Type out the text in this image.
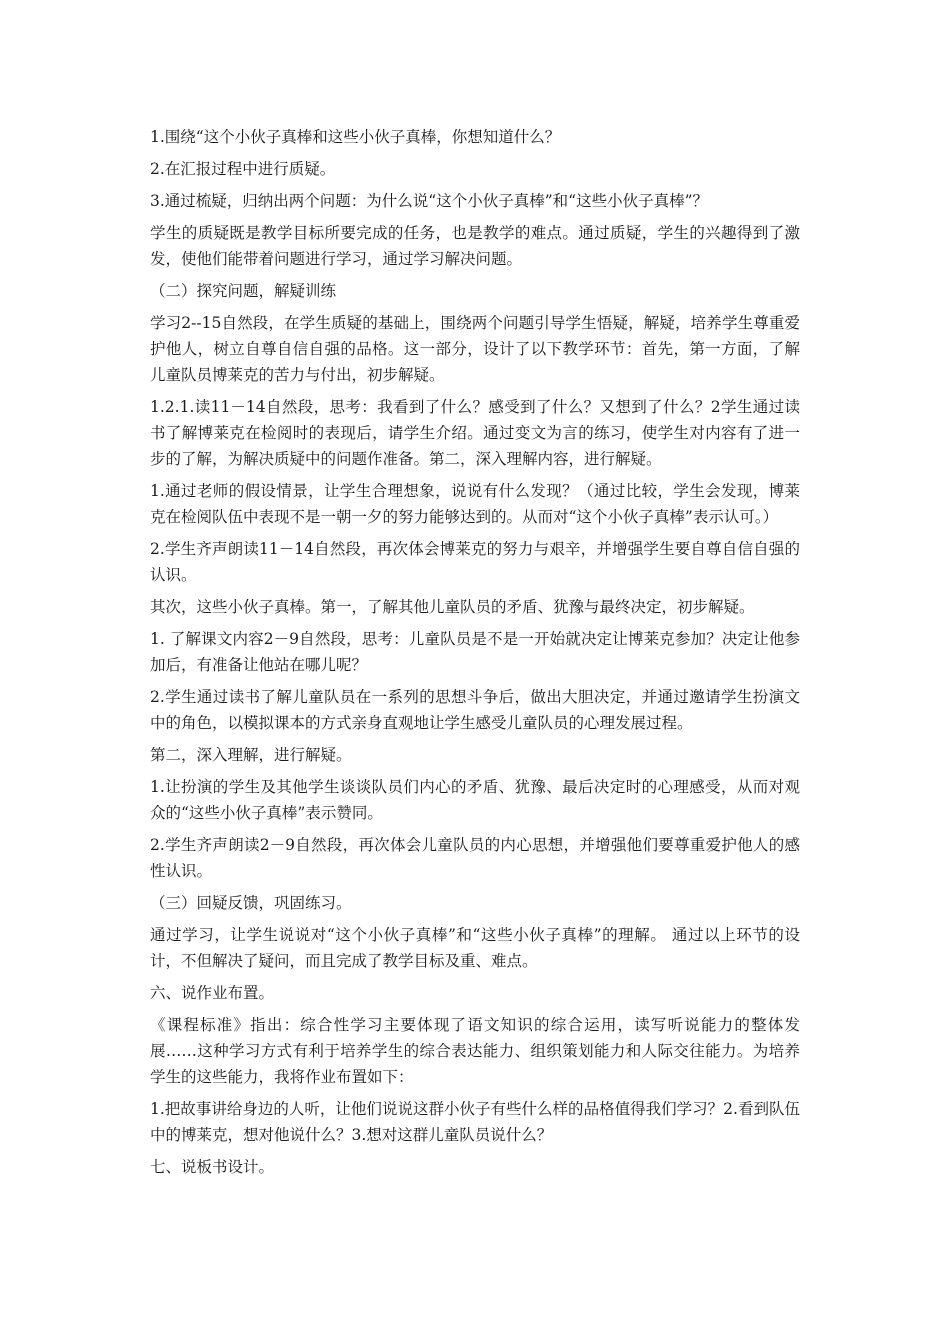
1.围绕“这个小伙子真棒和这些小伙子真棒，你想知道什么？

2.在汇报过程中进行质疑。

3.通过梳疑，归纳出两个问题：为什么说“这个小伙子真棒”和“这些小伙子真棒”？

学生的质疑既是教学目标所要完成的任务，也是教学的难点。通过质疑，学生的兴趣得到了激发，使他们能带着问题进行学习，通过学习解决问题。

（二）探究问题，解疑训练

学习2--15自然段，在学生质疑的基础上，围绕两个问题引导学生悟疑，解疑，培养学生尊重爱护他人，树立自尊自信自强的品格。这一部分，设计了以下教学环节：首先，第一方面，了解儿童队员博莱克的苦力与付出，初步解疑。

1.2.1.读11－14自然段，思考：我看到了什么？感受到了什么？又想到了什么？2学生通过读书了解博莱克在检阅时的表现后，请学生介绍。通过变文为言的练习，使学生对内容有了进一步的了解，为解决质疑中的问题作准备。第二，深入理解内容，进行解疑。

1.通过老师的假设情景，让学生合理想象，说说有什么发现？（通过比较，学生会发现，博莱克在检阅队伍中表现不是一朝一夕的努力能够达到的。从而对“这个小伙子真棒”表示认可。）

2.学生齐声朗读11－14自然段，再次体会博莱克的努力与艰辛，并增强学生要自尊自信自强的认识。

其次，这些小伙子真棒。第一，了解其他儿童队员的矛盾、犹豫与最终决定，初步解疑。

1. 了解课文内容2－9自然段，思考：儿童队员是不是一开始就决定让博莱克参加？决定让他参加后，有准备让他站在哪儿呢？

2.学生通过读书了解儿童队员在一系列的思想斗争后，做出大胆决定，并通过邀请学生扮演文中的角色，以模拟课本的方式亲身直观地让学生感受儿童队员的心理发展过程。

第二，深入理解，进行解疑。

1.让扮演的学生及其他学生谈谈队员们内心的矛盾、犹豫、最后决定时的心理感受，从而对观众的“这些小伙子真棒”表示赞同。

2.学生齐声朗读2－9自然段，再次体会儿童队员的内心思想，并增强他们要尊重爱护他人的感性认识。

（三）回疑反馈，巩固练习。

通过学习，让学生说说对“这个小伙子真棒”和“这些小伙子真棒”的理解。 通过以上环节的设计，不但解决了疑问，而且完成了教学目标及重、难点。

六、说作业布置。

《课程标准》指出：综合性学习主要体现了语文知识的综合运用，读写听说能力的整体发展……这种学习方式有利于培养学生的综合表达能力、组织策划能力和人际交往能力。为培养学生的这些能力，我将作业布置如下：

1.把故事讲给身边的人听，让他们说说这群小伙子有些什么样的品格值得我们学习？2.看到队伍中的博莱克，想对他说什么？3.想对这群儿童队员说什么？

七、说板书设计。
